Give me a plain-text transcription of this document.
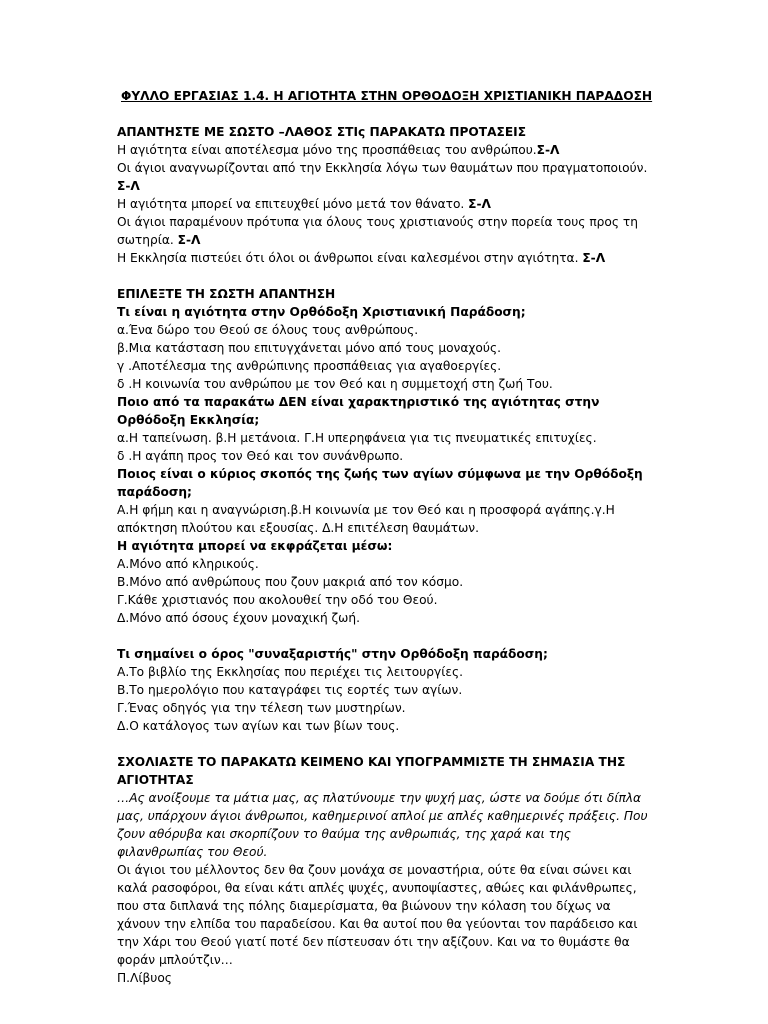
ΦΥΛΛΟ ΕΡΓΑΣΙΑΣ 1.4. Η ΑΓΙΟΤΗΤΑ ΣΤΗΝ ΟΡΘΟΔΟΞΗ ΧΡΙΣΤΙΑΝΙΚΗ ΠΑΡΑΔΟΣΗ
ΑΠΑΝΤΗΣΤΕ ΜΕ ΣΩΣΤΟ –ΛΑΘΟΣ ΣΤΙς ΠΑΡΑΚΑΤΩ ΠΡΟΤΑΣΕΙΣ
Η αγιότητα είναι αποτέλεσμα μόνο της προσπάθειας του ανθρώπου.Σ-Λ
Οι άγιοι αναγνωρίζονται από την Εκκλησία λόγω των θαυμάτων που πραγματοποιούν. Σ-Λ
Η αγιότητα μπορεί να επιτευχθεί μόνο μετά τον θάνατο. Σ-Λ
Οι άγιοι παραμένουν πρότυπα για όλους τους χριστιανούς στην πορεία τους προς τη σωτηρία. Σ-Λ
Η Εκκλησία πιστεύει ότι όλοι οι άνθρωποι είναι καλεσμένοι στην αγιότητα. Σ-Λ
ΕΠΙΛΕΞΤΕ ΤΗ ΣΩΣΤΗ ΑΠΑΝΤΗΣΗ
Τι είναι η αγιότητα στην Ορθόδοξη Χριστιανική Παράδοση;
α.Ένα δώρο του Θεού σε όλους τους ανθρώπους.
β.Μια κατάσταση που επιτυγχάνεται μόνο από τους μοναχούς.
γ .Αποτέλεσμα της ανθρώπινης προσπάθειας για αγαθοεργίες.
δ .Η κοινωνία του ανθρώπου με τον Θεό και η συμμετοχή στη ζωή Του.
Ποιο από τα παρακάτω ΔΕΝ είναι χαρακτηριστικό της αγιότητας στην Ορθόδοξη Εκκλησία;
α.Η ταπείνωση. β.Η μετάνοια. Γ.Η υπερηφάνεια για τις πνευματικές επιτυχίες.
δ .Η αγάπη προς τον Θεό και τον συνάνθρωπο.
Ποιος είναι ο κύριος σκοπός της ζωής των αγίων σύμφωνα με την Ορθόδοξη παράδοση;
Α.Η φήμη και η αναγνώριση.β.Η κοινωνία με τον Θεό και η προσφορά αγάπης.γ.Η απόκτηση πλούτου και εξουσίας. Δ.Η επιτέλεση θαυμάτων.
Η αγιότητα μπορεί να εκφράζεται μέσω:
Α.Μόνο από κληρικούς.
Β.Μόνο από ανθρώπους που ζουν μακριά από τον κόσμο.
Γ.Κάθε χριστιανός που ακολουθεί την οδό του Θεού.
Δ.Μόνο από όσους έχουν μοναχική ζωή.
Τι σημαίνει ο όρος "συναξαριστής" στην Ορθόδοξη παράδοση;
Α.Το βιβλίο της Εκκλησίας που περιέχει τις λειτουργίες.
Β.Το ημερολόγιο που καταγράφει τις εορτές των αγίων.
Γ.Ένας οδηγός για την τέλεση των μυστηρίων.
Δ.Ο κατάλογος των αγίων και των βίων τους.
ΣΧΟΛΙΑΣΤΕ ΤΟ ΠΑΡΑΚΑΤΩ ΚΕΙΜΕΝΟ ΚΑΙ ΥΠΟΓΡΑΜΜΙΣΤΕ ΤΗ ΣΗΜΑΣΙΑ ΤΗΣ ΑΓΙΟΤΗΤΑΣ
…Ας ανοίξουμε τα μάτια μας, ας πλατύνουμε την ψυχή μας, ώστε να δούμε ότι δίπλα μας, υπάρχουν άγιοι άνθρωποι, καθημερινοί απλοί με απλές καθημερινές πράξεις. Που ζουν αθόρυβα και σκορπίζουν το θαύμα της ανθρωπιάς, της χαρά και της φιλανθρωπίας του Θεού.
Οι άγιοι του μέλλοντος δεν θα ζουν μονάχα σε μοναστήρια, ούτε θα είναι σώνει και καλά ρασοφόροι, θα είναι κάτι απλές ψυχές, ανυποψίαστες, αθώες και φιλάνθρωπες, που στα διπλανά της πόλης διαμερίσματα, θα βιώνουν την κόλαση του δίχως να χάνουν την ελπίδα του παραδείσου. Και θα αυτοί που θα γεύονται τον παράδεισο και την Χάρι του Θεού γιατί ποτέ δεν πίστευσαν ότι την αξίζουν. Και να το θυμάστε θα φοράν μπλούτζιν…
Π.Λίβυος
